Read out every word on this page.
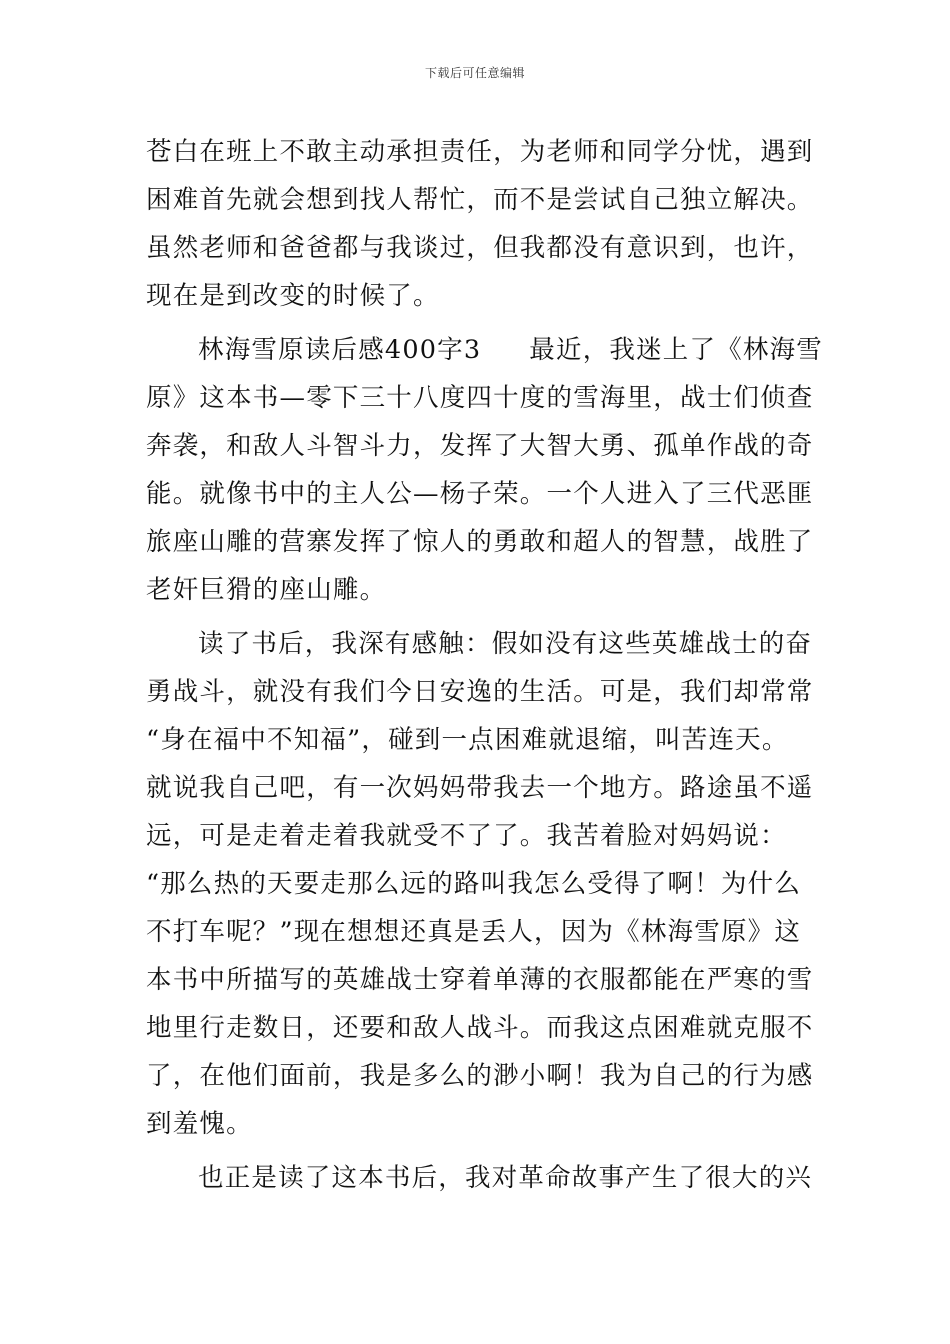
下载后可任意编辑
苍白在班上不敢主动承担责任，为老师和同学分忧，遇到
困难首先就会想到找人帮忙，而不是尝试自己独立解决。
虽然老师和爸爸都与我谈过，但我都没有意识到，也许，
现在是到改变的时候了。
林海雪原读后感400字3 最近，我迷上了《林海雪
原》这本书—零下三十八度四十度的雪海里，战士们侦查
奔袭，和敌人斗智斗力，发挥了大智大勇、孤单作战的奇
能。就像书中的主人公—杨子荣。一个人进入了三代恶匪
旅座山雕的营寨发挥了惊人的勇敢和超人的智慧，战胜了
老奸巨猾的座山雕。
读了书后，我深有感触：假如没有这些英雄战士的奋
勇战斗，就没有我们今日安逸的生活。可是，我们却常常
“身在福中不知福”，碰到一点困难就退缩，叫苦连天。
就说我自己吧，有一次妈妈带我去一个地方。路途虽不遥
远，可是走着走着我就受不了了。我苦着脸对妈妈说：
“那么热的天要走那么远的路叫我怎么受得了啊！为什么
不打车呢？”现在想想还真是丢人，因为《林海雪原》这
本书中所描写的英雄战士穿着单薄的衣服都能在严寒的雪
地里行走数日，还要和敌人战斗。而我这点困难就克服不
了，在他们面前，我是多么的渺小啊！我为自己的行为感
到羞愧。
也正是读了这本书后，我对革命故事产生了很大的兴
